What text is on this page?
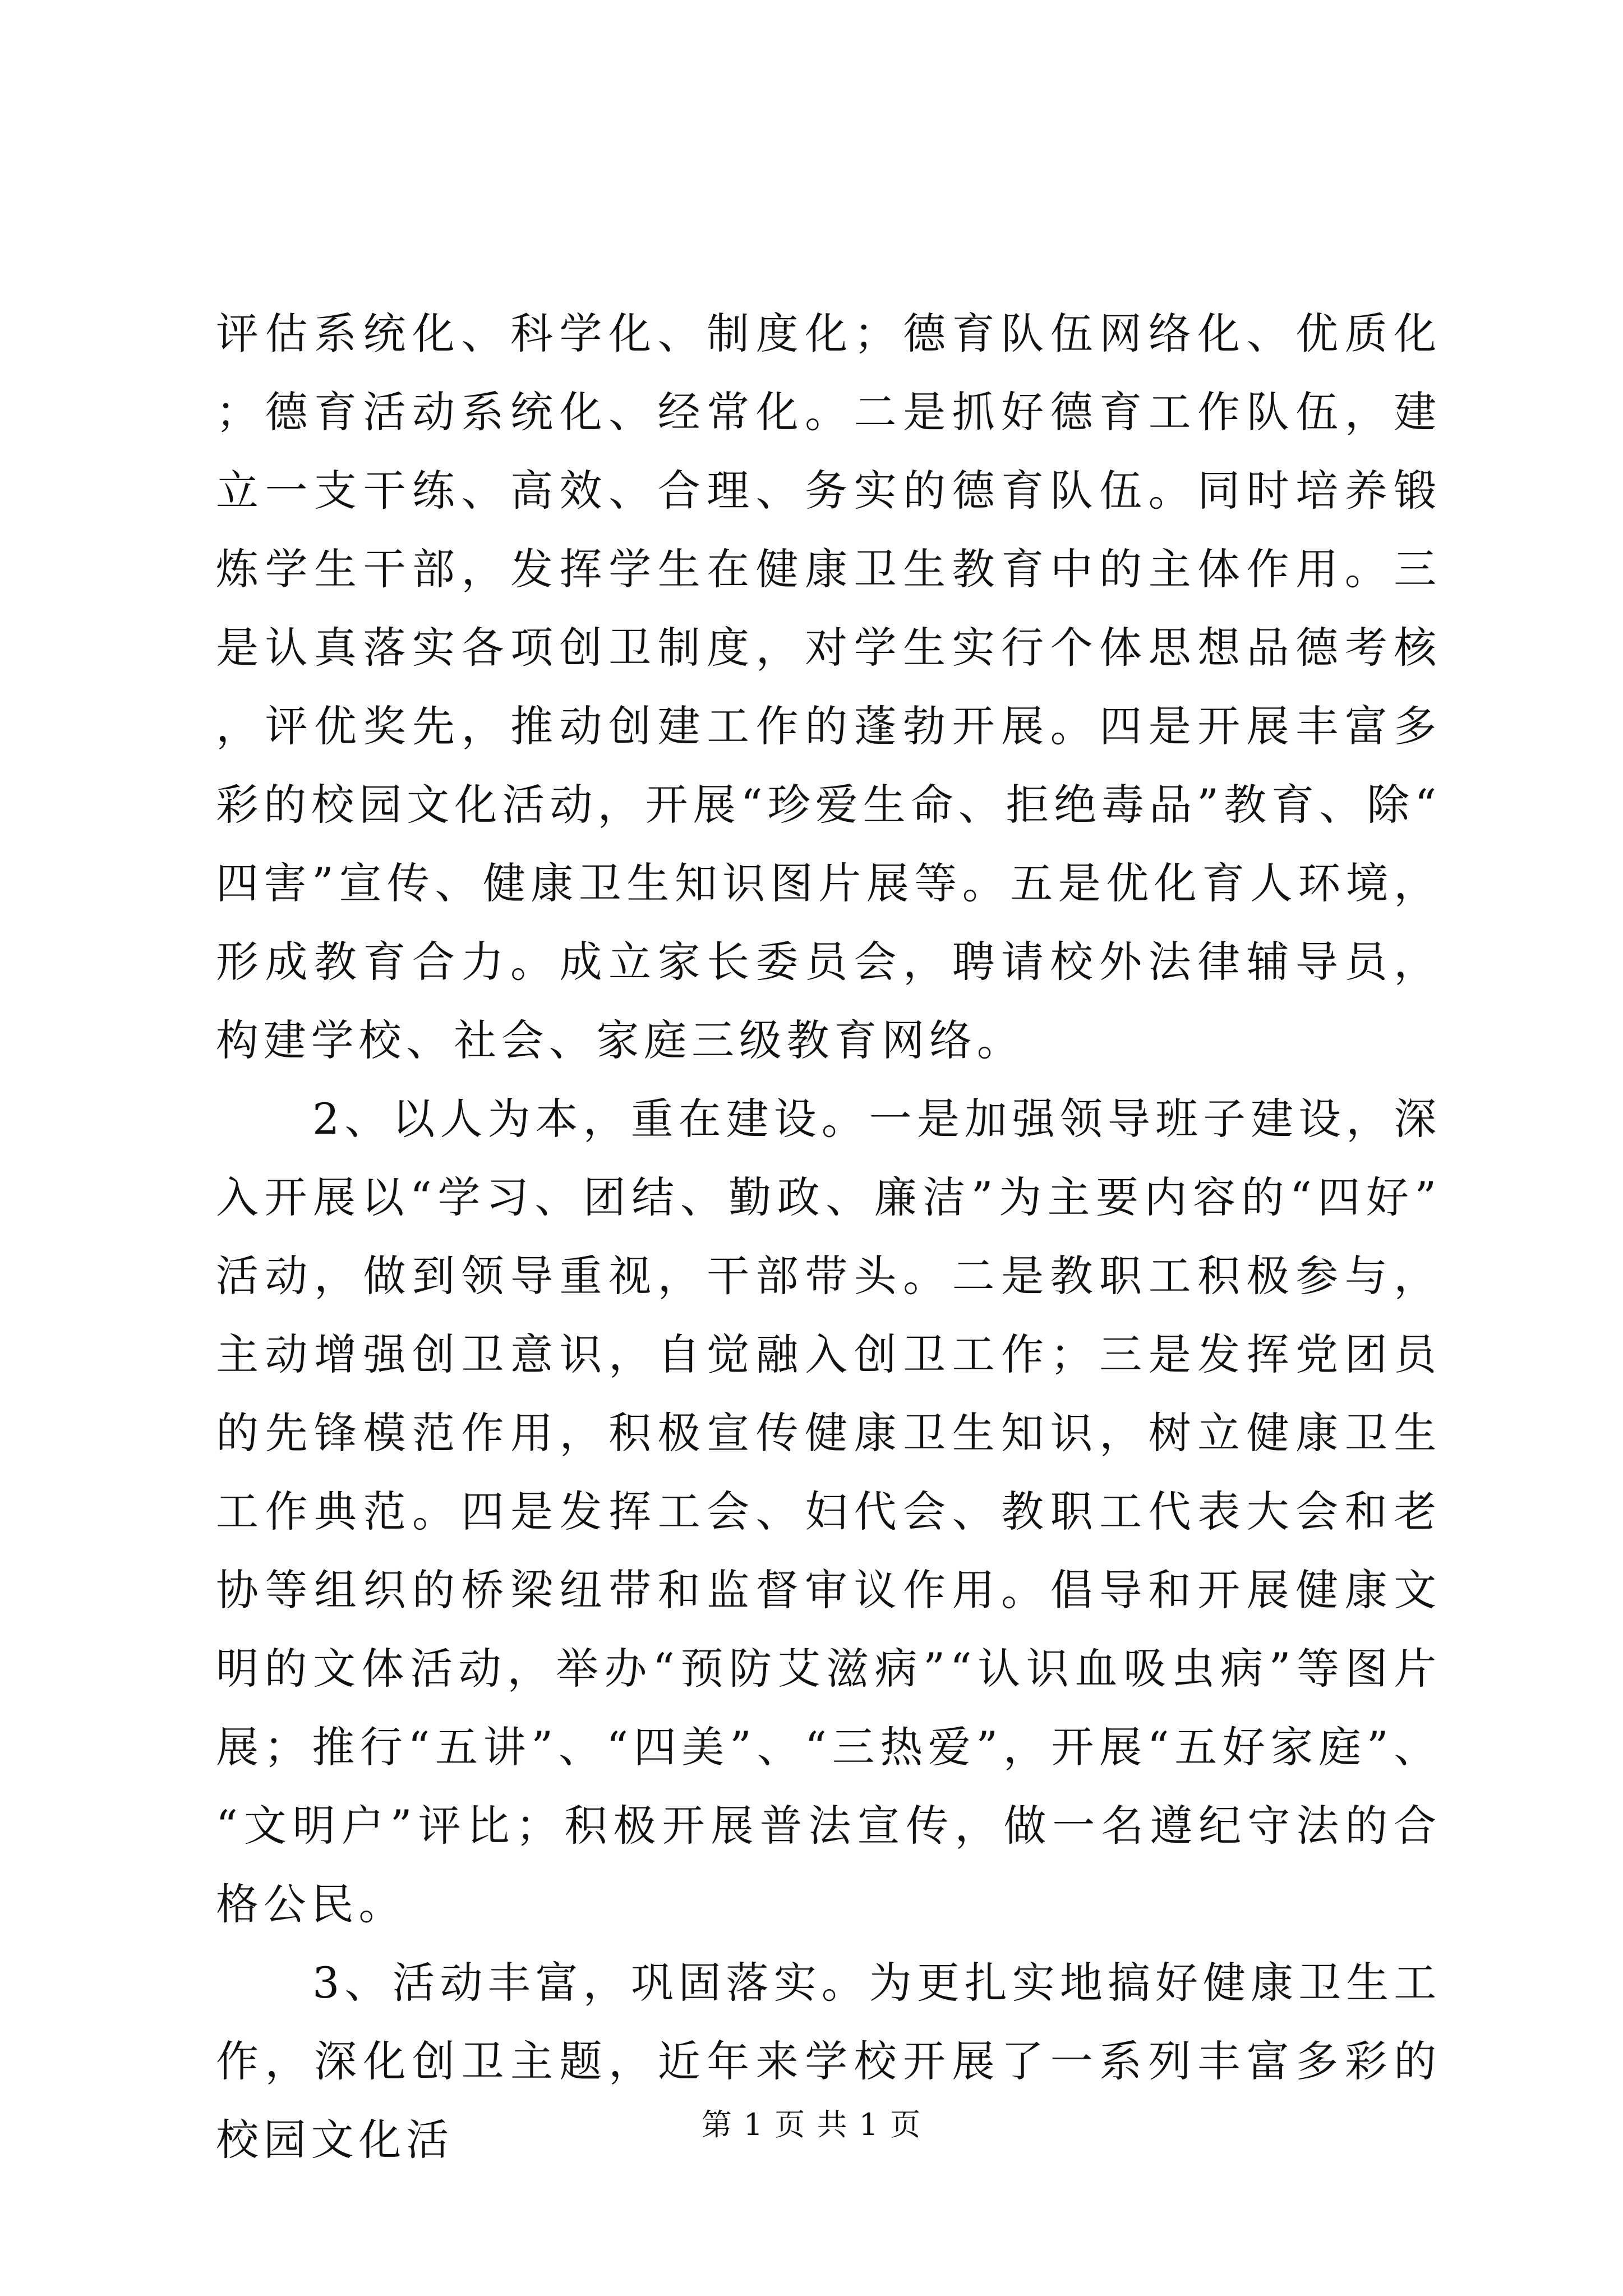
评估系统化、科学化、制度化；德育队伍网络化、优质化；德育活动系统化、经常化。二是抓好德育工作队伍，建立一支干练、高效、合理、务实的德育队伍。同时培养锻炼学生干部，发挥学生在健康卫生教育中的主体作用。三是认真落实各项创卫制度，对学生实行个体思想品德考核，评优奖先，推动创建工作的蓬勃开展。四是开展丰富多彩的校园文化活动，开展“珍爱生命、拒绝毒品”教育、除“四害”宣传、健康卫生知识图片展等。五是优化育人环境，形成教育合力。成立家长委员会，聘请校外法律辅导员，构建学校、社会、家庭三级教育网络。

2、以人为本，重在建设。一是加强领导班子建设，深入开展以“学习、团结、勤政、廉洁”为主要内容的“四好”活动，做到领导重视，干部带头。二是教职工积极参与，主动增强创卫意识，自觉融入创卫工作；三是发挥党团员的先锋模范作用，积极宣传健康卫生知识，树立健康卫生工作典范。四是发挥工会、妇代会、教职工代表大会和老协等组织的桥梁纽带和监督审议作用。倡导和开展健康文明的文体活动，举办“预防艾滋病”“认识血吸虫病”等图片展；推行“五讲”、“四美”、“三热爱”，开展“五好家庭”、“文明户”评比；积极开展普法宣传，做一名遵纪守法的合格公民。

3、活动丰富，巩固落实。为更扎实地搞好健康卫生工作，深化创卫主题，近年来学校开展了一系列丰富多彩的校园文化活	第 1 页 共 1 页
